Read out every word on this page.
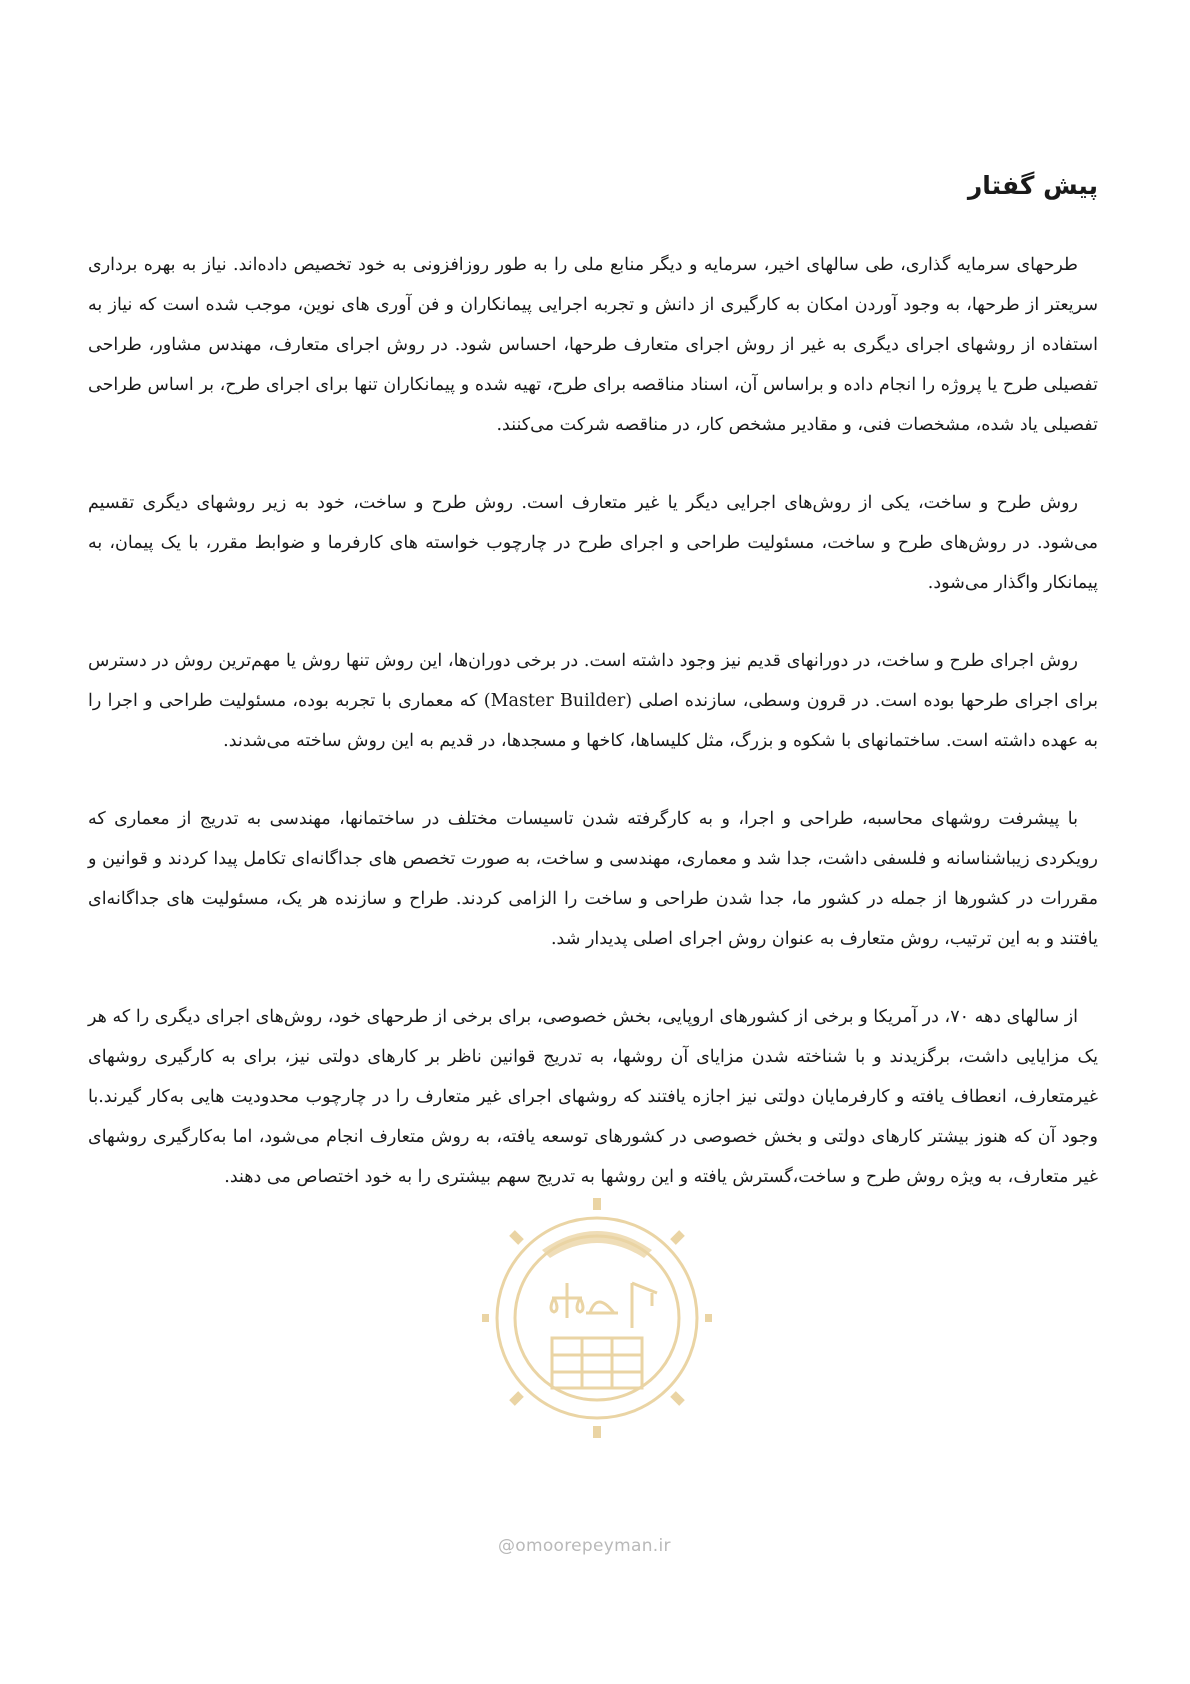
پیش گفتار

طرحهای سرمایه گذاری، طی سالهای اخیر، سرمایه و دیگر منابع ملی را به طور روزافزونی به خود تخصیص داده‌اند. نیاز به بهره برداری سریعتر از طرحها، به وجود آوردن امکان به کارگیری از دانش و تجربه اجرایی پیمانکاران و فن آوری های نوین، موجب شده است که نیاز به استفاده از روشهای اجرای دیگری به غیر از روش اجرای متعارف طرحها، احساس شود. در روش اجرای متعارف، مهندس مشاور، طراحی تفصیلی طرح یا پروژه را انجام داده و براساس آن، اسناد مناقصه برای طرح، تهیه شده و پیمانکاران تنها برای اجرای طرح، بر اساس طراحی تفصیلی یاد شده، مشخصات فنی، و مقادیر مشخص کار، در مناقصه شرکت می‌کنند.

روش طرح و ساخت، یکی از روش‌های اجرایی دیگر یا غیر متعارف است. روش طرح و ساخت، خود به زیر روشهای دیگری تقسیم می‌شود. در روش‌های طرح و ساخت، مسئولیت طراحی و اجرای طرح در چارچوب خواسته های کارفرما و ضوابط مقرر، با یک پیمان، به پیمانکار واگذار می‌شود.

روش اجرای طرح و ساخت، در دورانهای قدیم نیز وجود داشته است. در برخی دوران‌ها، این روش تنها روش یا مهم‌ترین روش در دسترس برای اجرای طرحها بوده است. در قرون وسطی، سازنده اصلی (Master Builder) که معماری با تجربه بوده، مسئولیت طراحی و اجرا را به عهده داشته است. ساختمانهای با شکوه و بزرگ، مثل کلیساها، کاخها و مسجدها، در قدیم به این روش ساخته می‌شدند.

با پیشرفت روشهای محاسبه، طراحی و اجرا، و به کارگرفته شدن تاسیسات مختلف در ساختمانها، مهندسی به تدریج از معماری که رویکردی زیباشناسانه و فلسفی داشت، جدا شد و معماری، مهندسی و ساخت، به صورت تخصص های جداگانه‌ای تکامل پیدا کردند و قوانین و مقررات در کشورها از جمله در کشور ما، جدا شدن طراحی و ساخت را الزامی کردند. طراح و سازنده هر یک، مسئولیت های جداگانه‌ای یافتند و به این ترتیب، روش متعارف به عنوان روش اجرای اصلی پدیدار شد.

از سالهای دهه ۷۰، در آمریکا و برخی از کشورهای اروپایی، بخش خصوصی، برای برخی از طرحهای خود، روش‌های اجرای دیگری را که هر یک مزایایی داشت، برگزیدند و با شناخته شدن مزایای آن روشها، به تدریج قوانین ناظر بر کارهای دولتی نیز، برای به کارگیری روشهای غیرمتعارف، انعطاف یافته و کارفرمایان دولتی نیز اجازه یافتند که روشهای اجرای غیر متعارف را در چارچوب محدودیت هایی به‌کار گیرند.با وجود آن که هنوز بیشتر کارهای دولتی و بخش خصوصی در کشورهای توسعه یافته، به روش متعارف انجام می‌شود، اما به‌کارگیری روشهای غیر متعارف، به ویژه روش طرح و ساخت،گسترش یافته و این روشها به تدریج سهم بیشتری را به خود اختصاص می دهند.

@omoorepeyman.ir
